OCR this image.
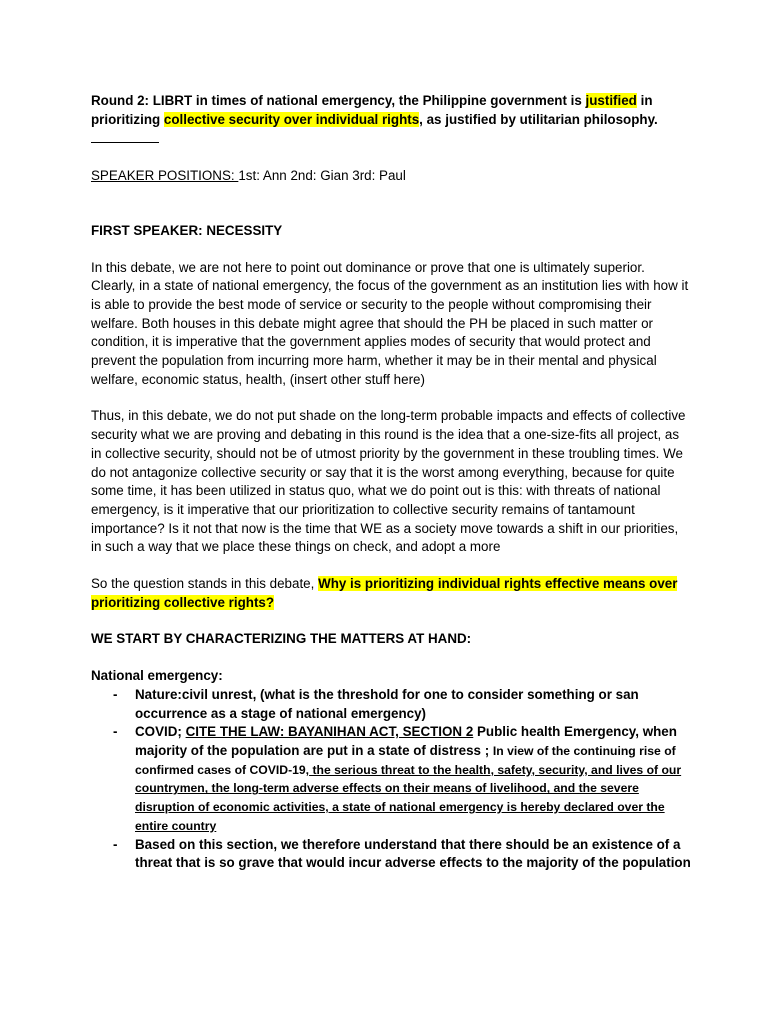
Round 2: LIBRT in times of national emergency, the Philippine government is justified in prioritizing collective security over individual rights, as justified by utilitarian philosophy.

SPEAKER POSITIONS: 1st: Ann 2nd: Gian 3rd: Paul

FIRST SPEAKER: NECESSITY

In this debate, we are not here to point out dominance or prove that one is ultimately superior. Clearly, in a state of national emergency, the focus of the government as an institution lies with how it is able to provide the best mode of service or security to the people without compromising their welfare. Both houses in this debate might agree that should the PH be placed in such matter or condition, it is imperative that the government applies modes of security that would protect and prevent the population from incurring more harm, whether it may be in their mental and physical welfare, economic status, health, (insert other stuff here)

Thus, in this debate, we do not put shade on the long-term probable impacts and effects of collective security what we are proving and debating in this round is the idea that a one-size-fits all project, as in collective security, should not be of utmost priority by the government in these troubling times. We do not antagonize collective security or say that it is the worst among everything, because for quite some time, it has been utilized in status quo, what we do point out is this: with threats of national emergency, is it imperative that our prioritization to collective security remains of tantamount importance? Is it not that now is the time that WE as a society move towards a shift in our priorities, in such a way that we place these things on check, and adopt a more

So the question stands in this debate, Why is prioritizing individual rights effective means over prioritizing collective rights?

WE START BY CHARACTERIZING THE MATTERS AT HAND:

National emergency:

- Nature:civil unrest, (what is the threshold for one to consider something or san occurrence as a stage of national emergency)
- COVID; CITE THE LAW: BAYANIHAN ACT, SECTION 2 Public health Emergency, when majority of the population are put in a state of distress ; In view of the continuing rise of confirmed cases of COVID-19, the serious threat to the health, safety, security, and lives of our countrymen, the long-term adverse effects on their means of livelihood, and the severe disruption of economic activities, a state of national emergency is hereby declared over the entire country
- Based on this section, we therefore understand that there should be an existence of a threat that is so grave that would incur adverse effects to the majority of the population
